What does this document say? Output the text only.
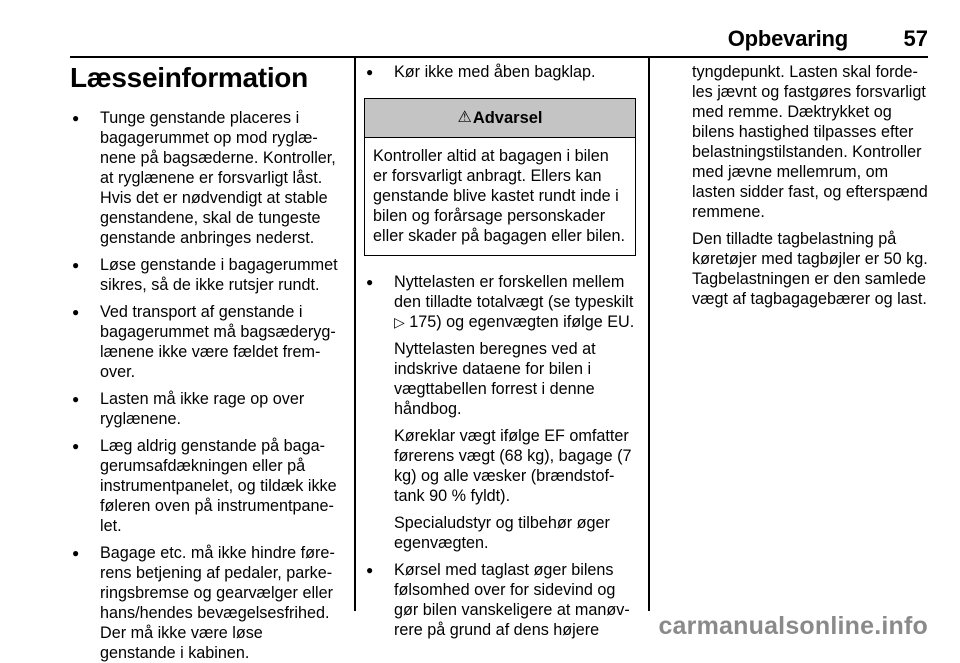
Opbevaring	57
Læsseinformation
● Tunge genstande placeres i bagagerummet op mod ryglæ-nene på bagsæderne. Kontroller, at ryglænene er forsvarligt låst. Hvis det er nødvendigt at stable genstandene, skal de tungeste genstande anbringes nederst.
● Løse genstande i bagagerummet sikres, så de ikke rutsjer rundt.
● Ved transport af genstande i bagagerummet må bagsæderyg-lænene ikke være fældet frem-over.
● Lasten må ikke rage op over ryglænene.
● Læg aldrig genstande på baga-gerumsafdækningen eller på instrumentpanelet, og tildæk ikke føleren oven på instrumentpane-let.
● Bagage etc. må ikke hindre føre-rens betjening af pedaler, parke-ringsbremse og gearvælger eller hans/hendes bevægelsesfrihed. Der må ikke være løse genstande i kabinen.
● Kør ikke med åben bagklap.
⚠ Advarsel
Kontroller altid at bagagen i bilen er forsvarligt anbragt. Ellers kan genstande blive kastet rundt inde i bilen og forårsage personskader eller skader på bagagen eller bilen.
● Nyttelasten er forskellen mellem den tilladte totalvægt (se typeskilt ▷ 175) og egenvægten ifølge EU.

Nyttelasten beregnes ved at indskrive dataene for bilen i vægttabellen forrest i denne håndbog.

Køreklar vægt ifølge EF omfatter førerens vægt (68 kg), bagage (7 kg) og alle væsker (brændstof-tank 90 % fyldt).

Specialudstyr og tilbehør øger egenvægten.

● Kørsel med taglast øger bilens følsomhed over for sidevind og gør bilen vanskeligere at manøv-rere på grund af dens højere

tyngdepunkt. Lasten skal forde-les jævnt og fastgøres forsvarligt med remme. Dæktrykket og bilens hastighed tilpasses efter belastningstilstanden. Kontroller med jævne mellemrum, om lasten sidder fast, og efterspænd remmene.

Den tilladte tagbelastning på køretøjer med tagbøjler er 50 kg. Tagbelastningen er den samlede vægt af tagbagagebærer og last.

carmanualsonline.info
